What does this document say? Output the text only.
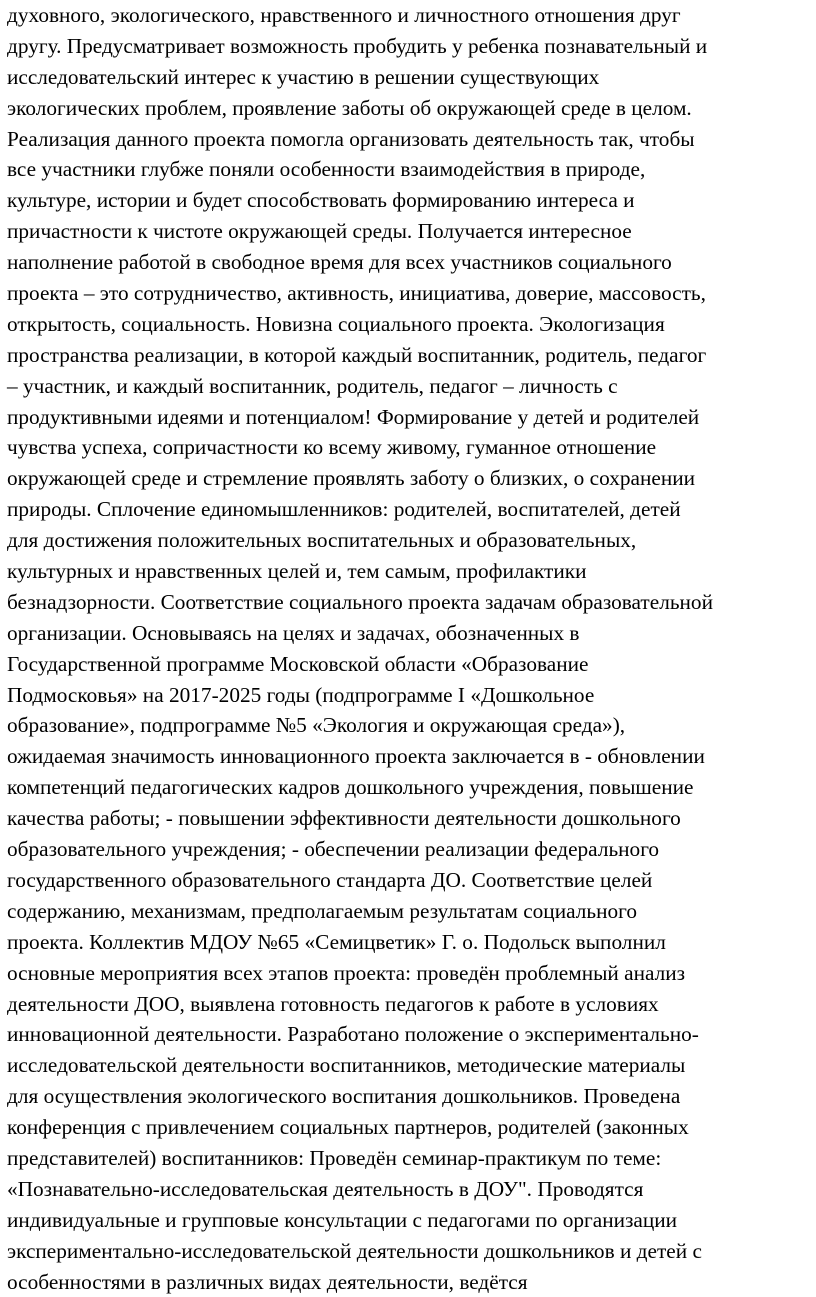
духовного, экологического, нравственного и личностного отношения друг
другу. Предусматривает возможность пробудить у ребенка познавательный и
исследовательский интерес к участию в решении существующих
экологических проблем, проявление заботы об окружающей среде в целом.
Реализация данного проекта помогла организовать деятельность так, чтобы
все участники глубже поняли особенности взаимодействия в природе,
культуре, истории и будет способствовать формированию интереса и
причастности к чистоте окружающей среды. Получается интересное
наполнение работой в свободное время для всех участников социального
проекта – это сотрудничество, активность, инициатива, доверие, массовость,
открытость, социальность. Новизна социального проекта. Экологизация
пространства реализации, в которой каждый воспитанник, родитель, педагог
– участник, и каждый воспитанник, родитель, педагог – личность с
продуктивными идеями и потенциалом! Формирование у детей и родителей
чувства успеха, сопричастности ко всему живому, гуманное отношение
окружающей среде и стремление проявлять заботу о близких, о сохранении
природы. Сплочение единомышленников: родителей, воспитателей, детей
для достижения положительных воспитательных и образовательных,
культурных и нравственных целей и, тем самым, профилактики
безнадзорности. Соответствие социального проекта задачам образовательной
организации. Основываясь на целях и задачах, обозначенных в
Государственной программе Московской области «Образование
Подмосковья» на 2017-2025 годы (подпрограмме I «Дошкольное
образование», подпрограмме №5 «Экология и окружающая среда»),
ожидаемая значимость инновационного проекта заключается в - обновлении
компетенций педагогических кадров дошкольного учреждения, повышение
качества работы; - повышении эффективности деятельности дошкольного
образовательного учреждения; - обеспечении реализации федерального
государственного образовательного стандарта ДО. Соответствие целей
содержанию, механизмам, предполагаемым результатам социального
проекта. Коллектив МДОУ №65 «Семицветик» Г. о. Подольск выполнил
основные мероприятия всех этапов проекта: проведён проблемный анализ
деятельности ДОО, выявлена готовность педагогов к работе в условиях
инновационной деятельности. Разработано положение о экспериментально-
исследовательской деятельности воспитанников, методические материалы
для осуществления экологического воспитания дошкольников. Проведена
конференция с привлечением социальных партнеров, родителей (законных
представителей) воспитанников: Проведён семинар-практикум по теме:
«Познавательно-исследовательская деятельность в ДОУ". Проводятся
индивидуальные и групповые консультации с педагогами по организации
экспериментально-исследовательской деятельности дошкольников и детей с
особенностями в различных видах деятельности, ведётся
